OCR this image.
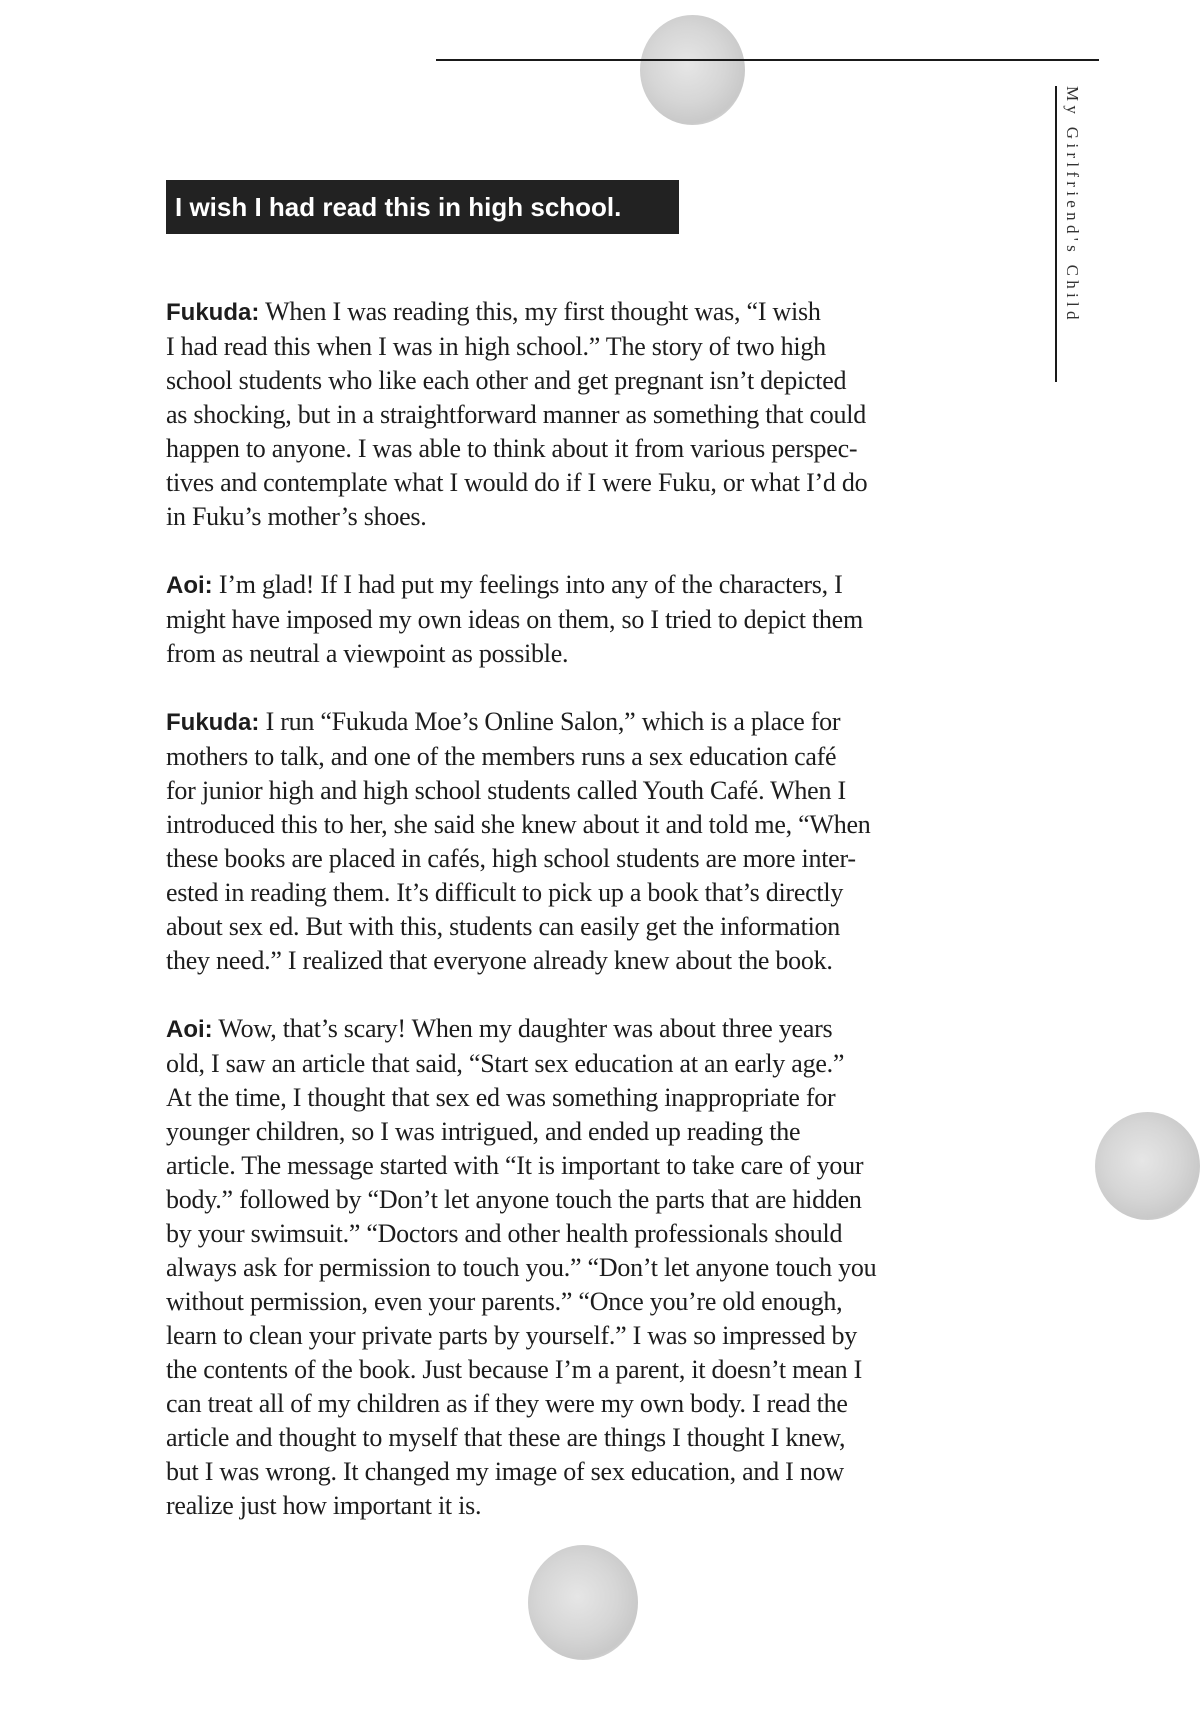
My Girlfriend's Child
I wish I had read this in high school.
Fukuda: When I was reading this, my first thought was, “I wish
I had read this when I was in high school.” The story of two high
school students who like each other and get pregnant isn’t depicted
as shocking, but in a straightforward manner as something that could
happen to anyone. I was able to think about it from various perspec-
tives and contemplate what I would do if I were Fuku, or what I’d do
in Fuku’s mother’s shoes.
Aoi: I’m glad! If I had put my feelings into any of the characters, I
might have imposed my own ideas on them, so I tried to depict them
from as neutral a viewpoint as possible.
Fukuda: I run “Fukuda Moe’s Online Salon,” which is a place for
mothers to talk, and one of the members runs a sex education café
for junior high and high school students called Youth Café. When I
introduced this to her, she said she knew about it and told me, “When
these books are placed in cafés, high school students are more inter-
ested in reading them. It’s difficult to pick up a book that’s directly
about sex ed. But with this, students can easily get the information
they need.” I realized that everyone already knew about the book.
Aoi: Wow, that’s scary! When my daughter was about three years
old, I saw an article that said, “Start sex education at an early age.”
At the time, I thought that sex ed was something inappropriate for
younger children, so I was intrigued, and ended up reading the
article. The message started with “It is important to take care of your
body.” followed by “Don’t let anyone touch the parts that are hidden
by your swimsuit.” “Doctors and other health professionals should
always ask for permission to touch you.” “Don’t let anyone touch you
without permission, even your parents.” “Once you’re old enough,
learn to clean your private parts by yourself.” I was so impressed by
the contents of the book. Just because I’m a parent, it doesn’t mean I
can treat all of my children as if they were my own body. I read the
article and thought to myself that these are things I thought I knew,
but I was wrong. It changed my image of sex education, and I now
realize just how important it is.
